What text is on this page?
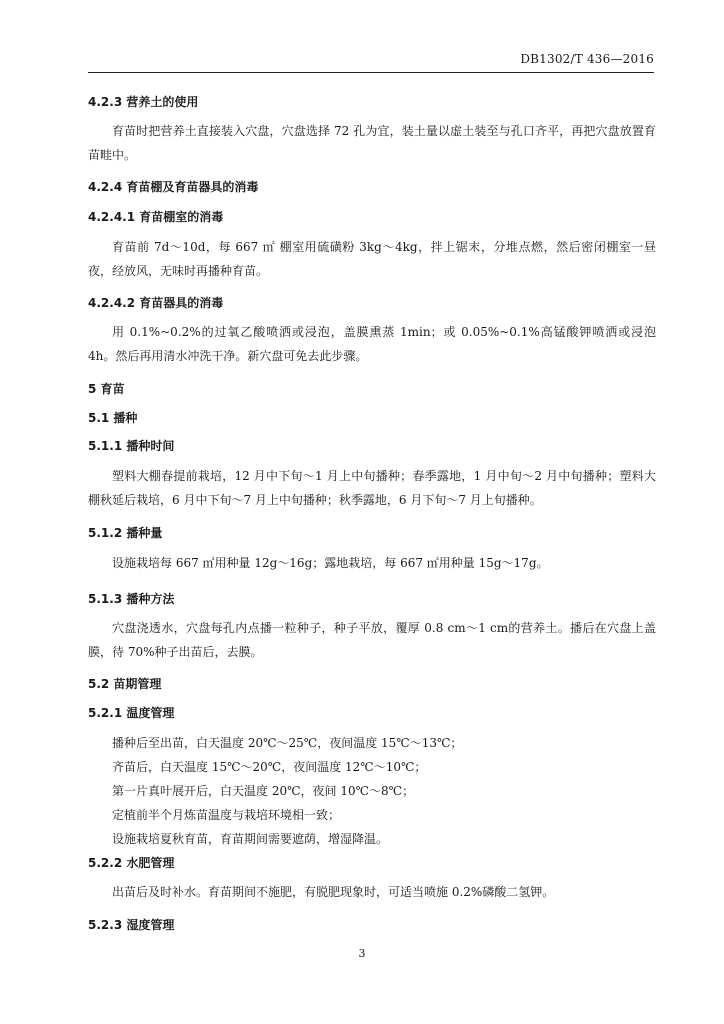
DB1302/T 436—2016
4.2.3 营养土的使用
育苗时把营养土直接装入穴盘，穴盘选择 72 孔为宜，装土量以虚土装至与孔口齐平，再把穴盘放置育苗畦中。
4.2.4 育苗棚及育苗器具的消毒
4.2.4.1 育苗棚室的消毒
育苗前 7d～10d，每 667 ㎡ 棚室用硫磺粉 3kg～4kg，拌上锯末，分堆点燃，然后密闭棚室一昼夜，经放风，无味时再播种育苗。
4.2.4.2 育苗器具的消毒
用 0.1%~0.2%的过氧乙酸喷洒或浸泡，盖膜熏蒸 1min；或 0.05%~0.1%高锰酸钾喷洒或浸泡 4h。然后再用清水冲洗干净。新穴盘可免去此步骤。
5 育苗
5.1 播种
5.1.1 播种时间
塑料大棚春提前栽培，12 月中下旬～1 月上中旬播种；春季露地，1 月中旬～2 月中旬播种；塑料大棚秋延后栽培，6 月中下旬～7 月上中旬播种；秋季露地，6 月下旬～7 月上旬播种。
5.1.2 播种量
设施栽培每 667 ㎡用种量 12g～16g；露地栽培，每 667 ㎡用种量 15g～17g。
5.1.3 播种方法
穴盘浇透水，穴盘每孔内点播一粒种子，种子平放，覆厚 0.8 cm～1 cm的营养土。播后在穴盘上盖膜，待 70%种子出苗后，去膜。
5.2 苗期管理
5.2.1 温度管理
播种后至出苗，白天温度 20℃～25℃，夜间温度 15℃～13℃；
齐苗后，白天温度 15℃～20℃，夜间温度 12℃～10℃；
第一片真叶展开后，白天温度 20℃，夜间 10℃～8℃；
定植前半个月炼苗温度与栽培环境相一致；
设施栽培夏秋育苗，育苗期间需要遮荫，增湿降温。
5.2.2 水肥管理
出苗后及时补水。育苗期间不施肥，有脱肥现象时，可适当喷施 0.2%磷酸二氢钾。
5.2.3 湿度管理
3
